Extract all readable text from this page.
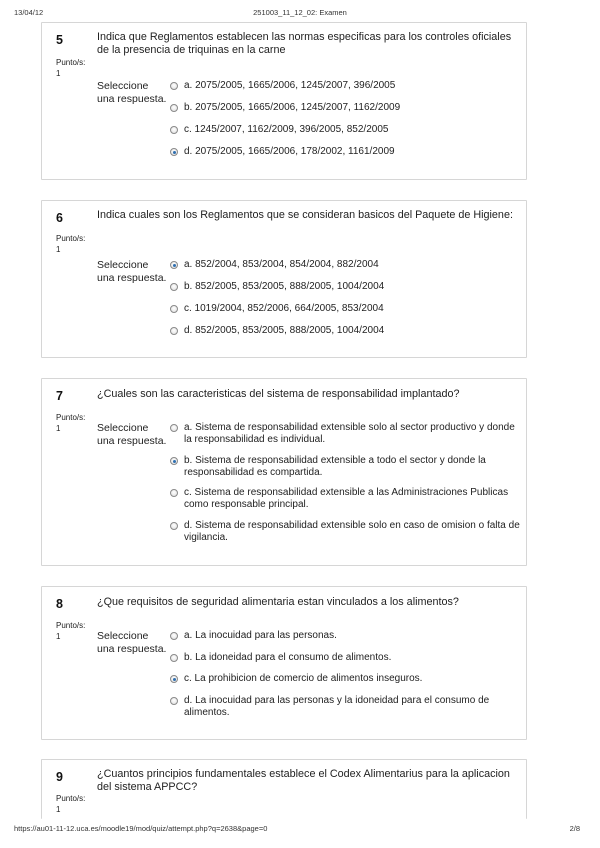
13/04/12	251003_11_12_02: Examen
5
Punto/s:
1
Indica que Reglamentos establecen las normas especificas para los controles oficiales de la presencia de triquinas en la carne
Seleccione una respuesta.
a. 2075/2005, 1665/2006, 1245/2007, 396/2005
b. 2075/2005, 1665/2006, 1245/2007, 1162/2009
c. 1245/2007, 1162/2009, 396/2005, 852/2005
d. 2075/2005, 1665/2006, 178/2002, 1161/2009
6
Punto/s:
1
Indica cuales son los Reglamentos que se consideran basicos del Paquete de Higiene:
Seleccione una respuesta.
a. 852/2004, 853/2004, 854/2004, 882/2004
b. 852/2005, 853/2005, 888/2005, 1004/2004
c. 1019/2004, 852/2006, 664/2005, 853/2004
d. 852/2005, 853/2005, 888/2005, 1004/2004
7
Punto/s:
1
¿Cuales son las caracteristicas del sistema de responsabilidad implantado?
Seleccione una respuesta.
a. Sistema de responsabilidad extensible solo al sector productivo y donde la responsabilidad es individual.
b. Sistema de responsabilidad extensible a todo el sector y donde la responsabilidad es compartida.
c. Sistema de responsabilidad extensible a las Administraciones Publicas como responsable principal.
d. Sistema de responsabilidad extensible solo en caso de omision o falta de vigilancia.
8
Punto/s:
1
¿Que requisitos de seguridad alimentaria estan vinculados a los alimentos?
Seleccione una respuesta.
a. La inocuidad para las personas.
b. La idoneidad para el consumo de alimentos.
c. La prohibicion de comercio de alimentos inseguros.
d. La inocuidad para las personas y la idoneidad para el consumo de alimentos.
9
Punto/s:
1
¿Cuantos principios fundamentales establece el Codex Alimentarius para la aplicacion del sistema APPCC?
https://au01-11-12.uca.es/moodle19/mod/quiz/attempt.php?q=2638&page=0	2/8
